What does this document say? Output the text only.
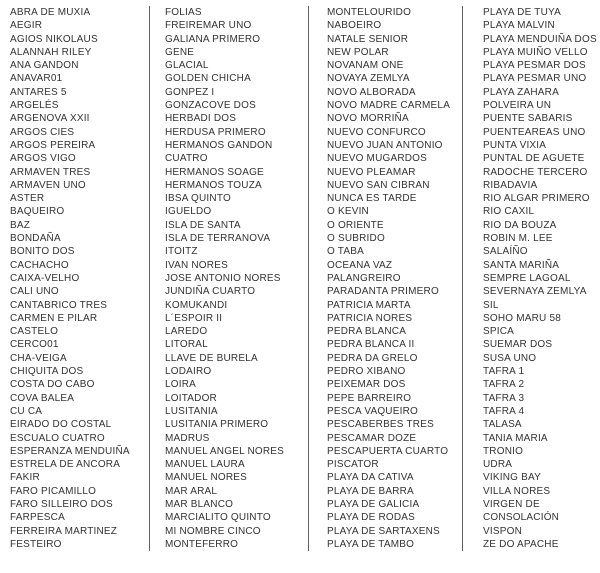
ABRA DE MUXIA
AEGIR
AGIOS NIKOLAUS
ALANNAH RILEY
ANA GANDON
ANAVAR01
ANTARES 5
ARGELÉS
ARGENOVA XXII
ARGOS CIES
ARGOS PEREIRA
ARGOS VIGO
ARMAVEN TRES
ARMAVEN UNO
ASTER
BAQUEIRO
BAZ
BONDAÑA
BONITO DOS
CACHACHO
CAIXA-VELHO
CALI UNO
CANTABRICO TRES
CARMEN E PILAR
CASTELO
CERCO01
CHA-VEIGA
CHIQUITA DOS
COSTA DO CABO
COVA BALEA
CU CA
EIRADO DO COSTAL
ESCUALO CUATRO
ESPERANZA MENDUIÑA
ESTRELA DE ANCORA
FAKIR
FARO PICAMILLO
FARO SILLEIRO DOS
FARPESCA
FERREIRA MARTINEZ
FESTEIRO
FOLIAS
FREIREMAR UNO
GALIANA PRIMERO
GENE
GLACIAL
GOLDEN CHICHA
GONPEZ I
GONZACOVE DOS
HERBADI DOS
HERDUSA PRIMERO
HERMANOS GANDON
CUATRO
HERMANOS SOAGE
HERMANOS TOUZA
IBSA QUINTO
IGUELDO
ISLA DE SANTA
ISLA DE TERRANOVA
ITOITZ
IVAN NORES
JOSE ANTONIO NORES
JUNDIÑA CUARTO
KOMUKANDI
L´ESPOIR II
LAREDO
LITORAL
LLAVE DE BURELA
LODAIRO
LOIRA
LOITADOR
LUSITANIA
LUSITANIA PRIMERO
MADRUS
MANUEL ANGEL NORES
MANUEL LAURA
MANUEL NORES
MAR ARAL
MAR BLANCO
MARCIALITO QUINTO
MI NOMBRE CINCO
MONTEFERRO
MONTELOURIDO
NABOEIRO
NATALE SENIOR
NEW POLAR
NOVANAM ONE
NOVAYA ZEMLYA
NOVO ALBORADA
NOVO MADRE CARMELA
NOVO MORRIÑA
NUEVO CONFURCO
NUEVO JUAN ANTONIO
NUEVO MUGARDOS
NUEVO PLEAMAR
NUEVO SAN CIBRAN
NUNCA ES TARDE
O KEVIN
O ORIENTE
O SUBRIDO
O TABA
OCEANA VAZ
PALANGREIRO
PARADANTA PRIMERO
PATRICIA MARTA
PATRICIA NORES
PEDRA BLANCA
PEDRA BLANCA II
PEDRA DA GRELO
PEDRO XIBANO
PEIXEMAR DOS
PEPE BARREIRO
PESCA VAQUEIRO
PESCABERBES TRES
PESCAMAR DOZE
PESCAPUERTA CUARTO
PISCATOR
PLAYA DA CATIVA
PLAYA DE BARRA
PLAYA DE GALICIA
PLAYA DE RODAS
PLAYA DE SARTAXENS
PLAYA DE TAMBO
PLAYA DE TUYA
PLAYA MALVIN
PLAYA MENDUIÑA DOS
PLAYA MUIÑO VELLO
PLAYA PESMAR DOS
PLAYA PESMAR UNO
PLAYA ZAHARA
POLVEIRA UN
PUENTE SABARIS
PUENTEAREAS UNO
PUNTA VIXIA
PUNTAL DE AGUETE
RADOCHE TERCERO
RIBADAVIA
RIO ALGAR PRIMERO
RIO CAXIL
RIO DA BOUZA
ROBIN M. LEE
SALAÍÑO
SANTA MARIÑA
SEMPRE LAGOAL
SEVERNAYA ZEMLYA
SIL
SOHO MARU 58
SPICA
SUEMAR DOS
SUSA UNO
TAFRA 1
TAFRA 2
TAFRA 3
TAFRA 4
TALASA
TANIA MARIA
TRONIO
UDRA
VIKING BAY
VILLA NORES
VIRGEN DE
CONSOLACIÓN
VISPON
ZE DO APACHE
